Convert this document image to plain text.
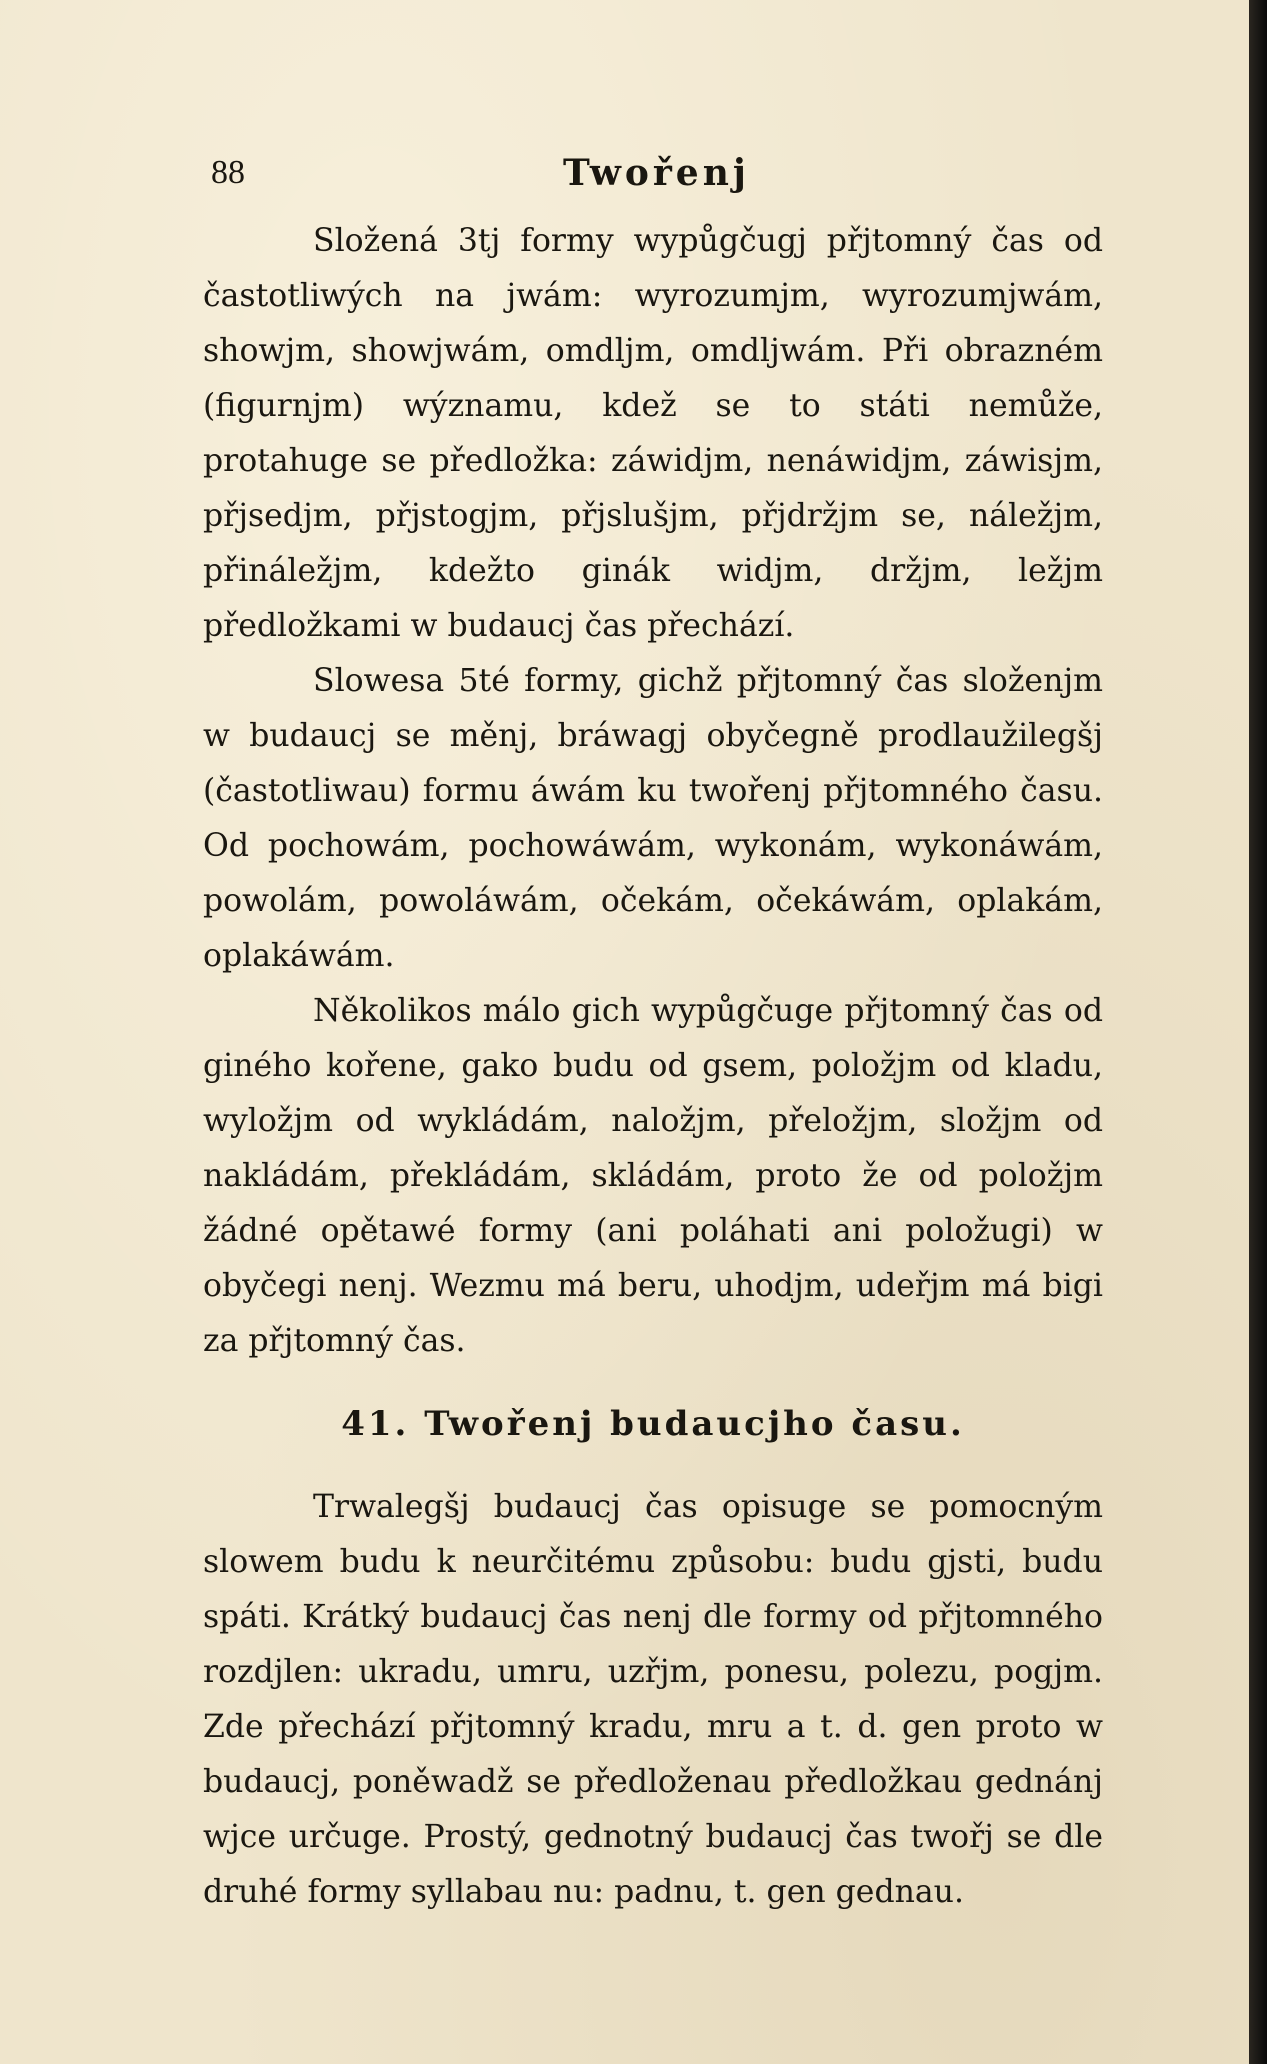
88	Twořenj

Složená 3tj formy wypůgčugj přjtomný čas od častotliwých na jwám: wyrozumjm, wyrozumjwám, showjm, showjwám, omdljm, omdljwám. Při obrazném (figurnjm) wýznamu, kdež se to státi nemůže, protahuge se předložka: záwidjm, nenáwidjm, záwisjm, přjsedjm, přjstogjm, přjslušjm, přjdržjm se, náležjm, přináležjm, kdežto ginák widjm, držjm, ležjm předložkami w budaucj čas přechází.

Slowesa 5té formy, gichž přjtomný čas složenjm w budaucj se měnj, bráwagj obyčegně prodlaužilegšj (častotliwau) formu áwám ku twořenj přjtomného času. Od pochowám, pochowáwám, wykonám, wykonáwám, powolám, powoláwám, očekám, očekáwám, oplakám, oplakáwám.

Několikos málo gich wypůgčuge přjtomný čas od giného kořene, gako budu od gsem, položjm od kladu, wyložjm od wykládám, naložjm, přeložjm, složjm od nakládám, překládám, skládám, proto že od položjm žádné opětawé formy (ani poláhati ani položugi) w obyčegi nenj. Wezmu má beru, uhodjm, udeřjm má bigi za přjtomný čas.

41. Twořenj budaucjho času.

Trwalegšj budaucj čas opisuge se pomocným slowem budu k neurčitému způsobu: budu gjsti, budu spáti. Krátký budaucj čas nenj dle formy od přjtomného rozdjlen: ukradu, umru, uzřjm, ponesu, polezu, pogjm. Zde přechází přjtomný kradu, mru a t. d. gen proto w budaucj, poněwadž se předloženau předložkau gednánj wjce určuge. Prostý, gednotný budaucj čas twořj se dle druhé formy syllabau nu: padnu, t. gen gednau.
